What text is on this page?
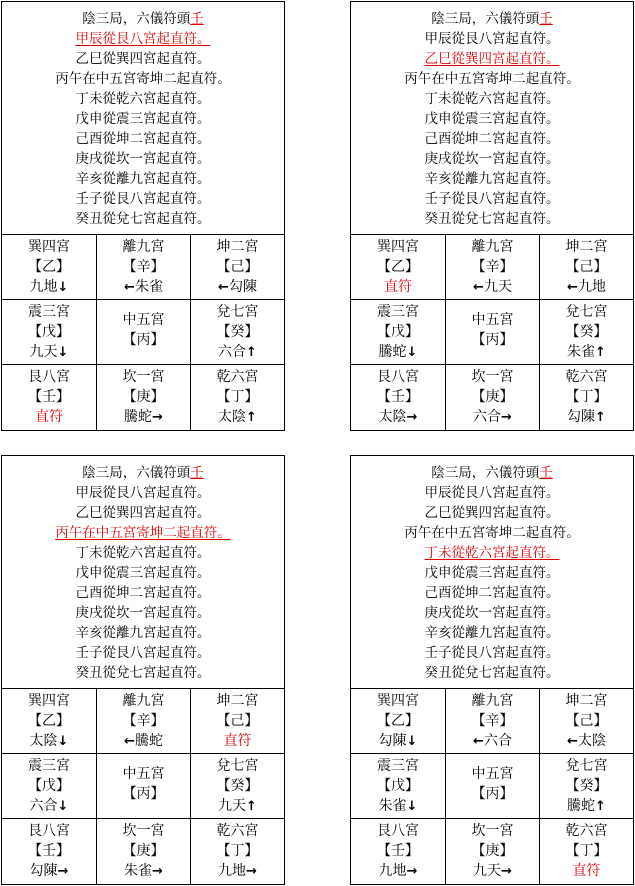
陰三局，六儀符頭壬
甲辰從艮八宮起直符。
乙巳從巽四宮起直符。
丙午在中五宮寄坤二起直符。
丁未從乾六宮起直符。
戊申從震三宮起直符。
己酉從坤二宮起直符。
庚戌從坎一宮起直符。
辛亥從離九宮起直符。
壬子從艮八宮起直符。
癸丑從兌七宮起直符。
巽四宮
【乙】
九地↓
離九宮
【辛】
←朱雀
坤二宮
【己】
←勾陳
震三宮
【戊】
九天↓
中五宮
【丙】
兌七宮
【癸】
六合↑
艮八宮
【壬】
直符
坎一宮
【庚】
騰蛇→
乾六宮
【丁】
太陰↑
陰三局，六儀符頭壬
甲辰從艮八宮起直符。
乙巳從巽四宮起直符。
丙午在中五宮寄坤二起直符。
丁未從乾六宮起直符。
戊申從震三宮起直符。
己酉從坤二宮起直符。
庚戌從坎一宮起直符。
辛亥從離九宮起直符。
壬子從艮八宮起直符。
癸丑從兌七宮起直符。
巽四宮
【乙】
直符
離九宮
【辛】
←九天
坤二宮
【己】
←九地
震三宮
【戊】
騰蛇↓
中五宮
【丙】
兌七宮
【癸】
朱雀↑
艮八宮
【壬】
太陰→
坎一宮
【庚】
六合→
乾六宮
【丁】
勾陳↑
陰三局，六儀符頭壬
甲辰從艮八宮起直符。
乙巳從巽四宮起直符。
丙午在中五宮寄坤二起直符。
丁未從乾六宮起直符。
戊申從震三宮起直符。
己酉從坤二宮起直符。
庚戌從坎一宮起直符。
辛亥從離九宮起直符。
壬子從艮八宮起直符。
癸丑從兌七宮起直符。
巽四宮
【乙】
太陰↓
離九宮
【辛】
←騰蛇
坤二宮
【己】
直符
震三宮
【戊】
六合↓
中五宮
【丙】
兌七宮
【癸】
九天↑
艮八宮
【壬】
勾陳→
坎一宮
【庚】
朱雀→
乾六宮
【丁】
九地→
陰三局，六儀符頭壬
甲辰從艮八宮起直符。
乙巳從巽四宮起直符。
丙午在中五宮寄坤二起直符。
丁未從乾六宮起直符。
戊申從震三宮起直符。
己酉從坤二宮起直符。
庚戌從坎一宮起直符。
辛亥從離九宮起直符。
壬子從艮八宮起直符。
癸丑從兌七宮起直符。
巽四宮
【乙】
勾陳↓
離九宮
【辛】
←六合
坤二宮
【己】
←太陰
震三宮
【戊】
朱雀↓
中五宮
【丙】
兌七宮
【癸】
騰蛇↑
艮八宮
【壬】
九地→
坎一宮
【庚】
九天→
乾六宮
【丁】
直符
